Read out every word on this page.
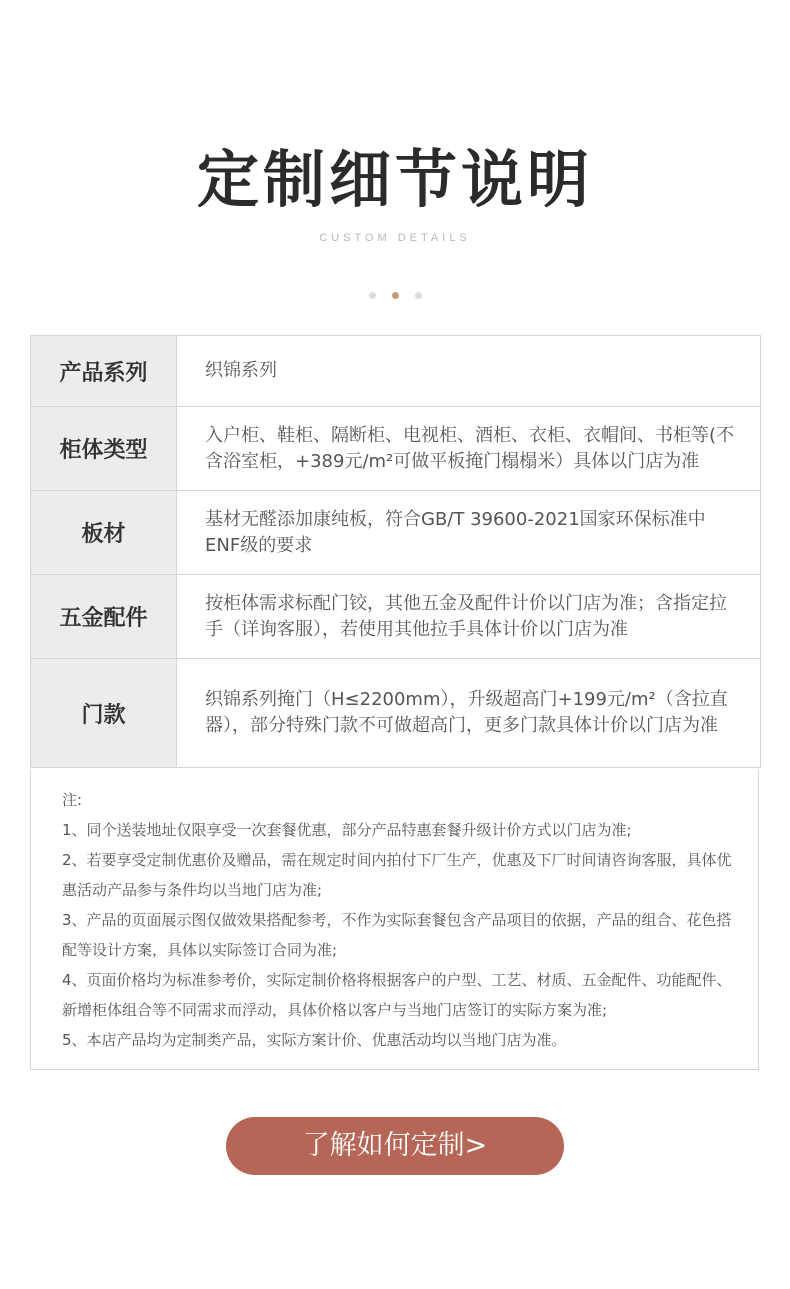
定制细节说明
CUSTOM DETAILS
产品系列	织锦系列
柜体类型	入户柜、鞋柜、隔断柜、电视柜、酒柜、衣柜、衣帽间、书柜等(不含浴室柜，+389元/m²可做平板掩门榻榻米）具体以门店为准
板材	基材无醛添加康纯板，符合GB/T 39600-2021国家环保标准中ENF级的要求
五金配件	按柜体需求标配门铰，其他五金及配件计价以门店为准；含指定拉手（详询客服），若使用其他拉手具体计价以门店为准
门款	织锦系列掩门（H≤2200mm），升级超高门+199元/m²（含拉直器），部分特殊门款不可做超高门，更多门款具体计价以门店为准

注:

1、同个送装地址仅限享受一次套餐优惠，部分产品特惠套餐升级计价方式以门店为准;

2、若要享受定制优惠价及赠品，需在规定时间内拍付下厂生产，优惠及下厂时间请咨询客服，具体优惠活动产品参与条件均以当地门店为准;

3、产品的页面展示图仅做效果搭配参考，不作为实际套餐包含产品项目的依据，产品的组合、花色搭配等设计方案，具体以实际签订合同为准;

4、页面价格均为标准参考价，实际定制价格将根据客户的户型、工艺、材质、五金配件、功能配件、新增柜体组合等不同需求而浮动，具体价格以客户与当地门店签订的实际方案为准;

5、本店产品均为定制类产品，实际方案计价、优惠活动均以当地门店为准。

了解如何定制>
